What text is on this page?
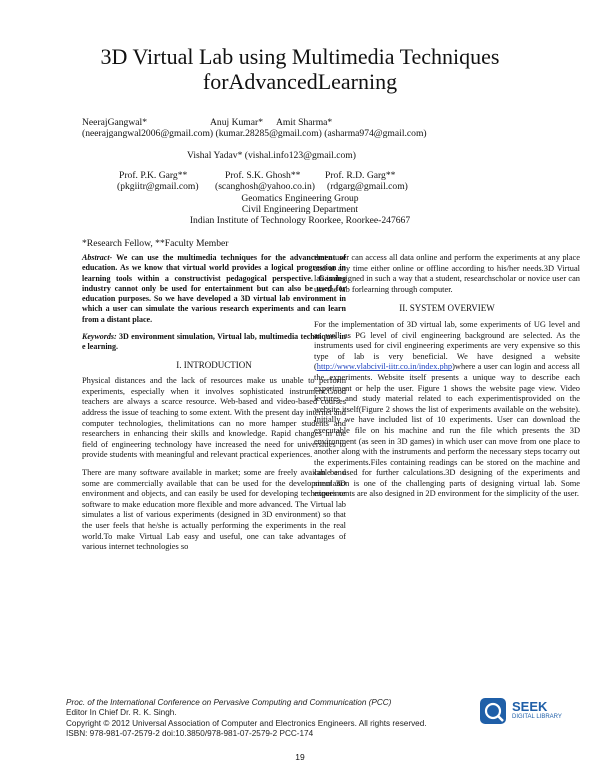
3D Virtual Lab using Multimedia Techniques
forAdvancedLearning
NeerajGangwal*	Anuj Kumar* Amit Sharma*
(neerajgangwal2006@gmail.com) (kumar.28285@gmail.com) (asharma974@gmail.com)
Vishal Yadav* (vishal.info123@gmail.com)
Prof. P.K. Garg**	Prof. S.K. Ghosh**	Prof. R.D. Garg**
(pkgiitr@gmail.com) (scanghosh@yahoo.co.in) (rdgarg@gmail.com)
Geomatics Engineering Group
Civil Engineering Department
Indian Institute of Technology Roorkee, Roorkee-247667
*Research Fellow, **Faculty Member

Abstract- We can use the multimedia techniques for the advancement of education. As we know that virtual world provides a logical progression in learning tools within a constructivist pedagogical perspective. Gaming industry cannot only be used for entertainment but can also be used for education purposes. So we have developed a 3D virtual lab environment in which a user can simulate the various research experiments and can learn from a distant place.

Keywords: 3D environment simulation, Virtual lab, multimedia techniques in e learning.

I. INTRODUCTION

Physical distances and the lack of resources make us unable to perform experiments, especially when it involves sophisticated instrument.Good teachers are always a scarce resource. Web-based and video-based courses address the issue of teaching to some extent. With the present day internet and computer technologies, thelimitations can no more hamper students and researchers in enhancing their skills and knowledge. Rapid changes in the field of engineering technology have increased the need for universities to provide students with meaningful and relevant practical experiences.

There are many software available in market; some are freely available and some are commercially available that can be used for the development 3D environment and objects, and can easily be used for developing techniques or software to make education more flexible and more advanced. The Virtual lab simulates a list of various experiments (designed in 3D environment) so that the user feels that he/she is actually performing the experiments in the real world.To make Virtual Lab easy and useful, one can take advantages of various internet technologies so

that a user can access all data online and perform the experiments at any place and at any time either online or offline according to his/her needs.3D Virtual lab is designed in such a way that a student, researchscholar or novice user can use the lab forlearning through computer.

II. SYSTEM OVERVIEW

For the implementation of 3D virtual lab, some experiments of UG level and as well as PG level of civil engineering background are selected. As the instruments used for civil engineering experiments are very expensive so this type of lab is very beneficial. We have designed a website (http://www.vlabcivil-iitr.co.in/index.php)where a user can login and access all the experiments. Website itself presents a unique way to describe each experiment or help the user. Figure 1 shows the website page view. Video lectures and study material related to each experimentisprovided on the website itself(Figure 2 shows the list of experiments available on the website). Initially we have included list of 10 experiments. User can download the executable file on his machine and run the file which presents the 3D environment (as seen in 3D games) in which user can move from one place to another along with the instruments and perform the necessary steps tocarry out the experiments.Files containing readings can be stored on the machine and can be used for further calculations.3D designing of the experiments and simulation is one of the challenging parts of designing virtual lab. Some experiments are also designed in 2D environment for the simplicity of the user.

Proc. of the International Conference on Pervasive Computing and Communication (PCC)
Editor In Chief Dr. R. K. Singh.
Copyright © 2012 Universal Association of Computer and Electronics Engineers. All rights reserved.
ISBN: 978-981-07-2579-2 doi:10.3850/978-981-07-2579-2 PCC-174
SEEK
DIGITAL LIBRARY
19
